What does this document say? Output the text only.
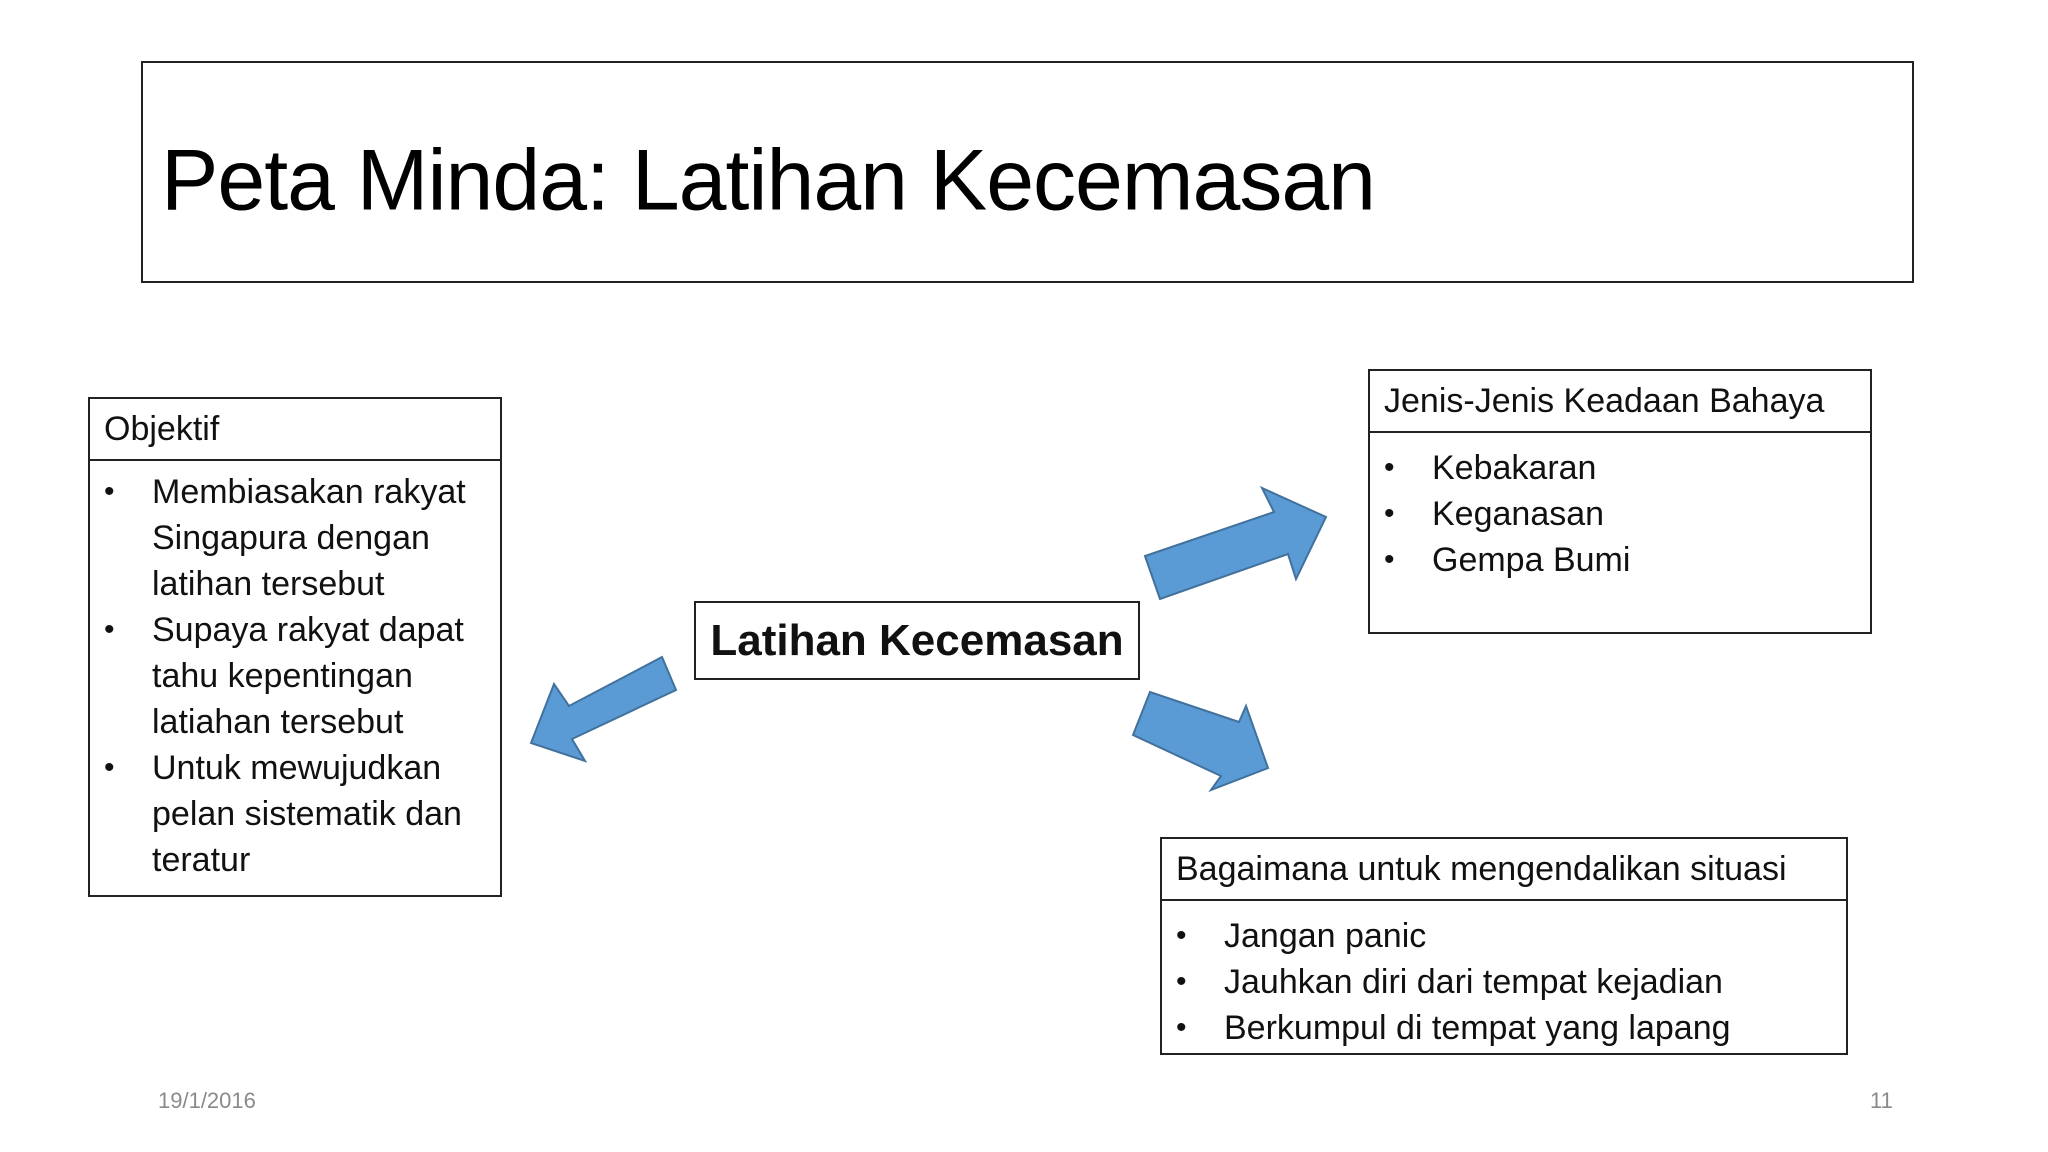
Peta Minda: Latihan Kecemasan
Objektif
• Membiasakan rakyat Singapura dengan latihan tersebut
• Supaya rakyat dapat tahu kepentingan latiahan tersebut
• Untuk mewujudkan pelan sistematik dan teratur
Jenis-Jenis Keadaan Bahaya
• Kebakaran
• Keganasan
• Gempa Bumi
Bagaimana untuk mengendalikan situasi
• Jangan panic
• Jauhkan diri dari tempat kejadian
• Berkumpul di tempat yang lapang
Latihan Kecemasan
19/1/2016	11
